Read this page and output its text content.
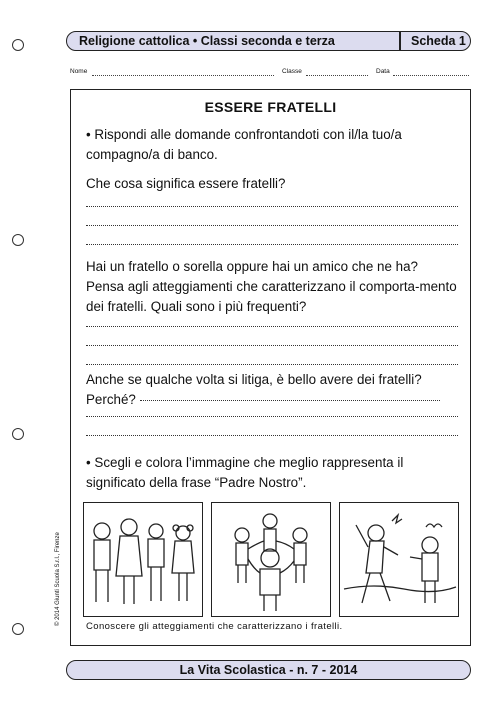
Religione cattolica • Classi seconda e terza	Scheda 1
Nome	Classe	Data
ESSERE FRATELLI
• Rispondi alle domande confrontandoti con il/la tuo/a compagno/a di banco.
Che cosa significa essere fratelli?
Hai un fratello o sorella oppure hai un amico che ne ha? Pensa agli atteggiamenti che caratterizzano il comporta-mento dei fratelli. Quali sono i più frequenti?
Anche se qualche volta si litiga, è bello avere dei fratelli?
Perché?
• Scegli e colora l’immagine che meglio rappresenta il significato della frase “Padre Nostro”.
Conoscere gli atteggiamenti che caratterizzano i fratelli.
© 2014 Giunti Scuola S.r.l., Firenze
La Vita Scolastica - n. 7 - 2014
